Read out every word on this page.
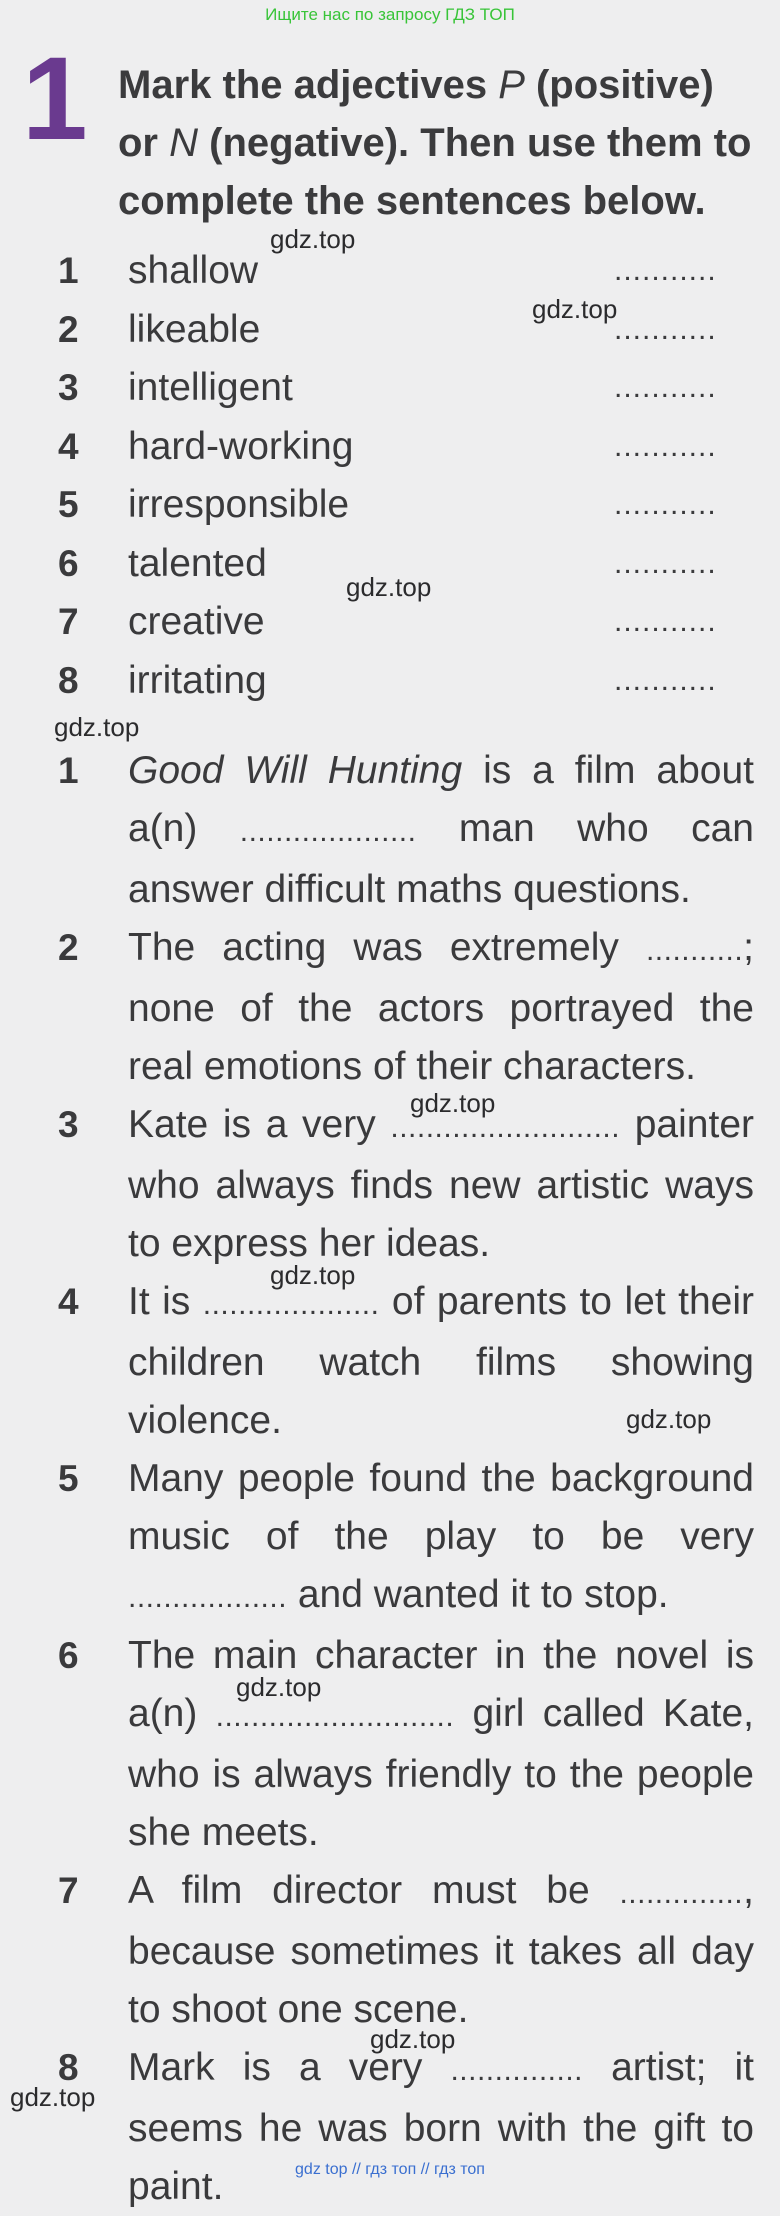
Ищите нас по запросу ГДЗ ТОП
1 Mark the adjectives P (positive) or N (negative). Then use them to complete the sentences below.
1 shallow	...........
2 likeable	...........
3 intelligent	...........
4 hard-working	...........
5 irresponsible	...........
6 talented	...........
7 creative	...........
8 irritating	...........
1 Good Will Hunting is a film about a(n) .................... man who can answer difficult maths questions.
2 The acting was extremely ...........; none of the actors portrayed the real emotions of their characters.
3 Kate is a very .......................... painter who always finds new artistic ways to express her ideas.
4 It is .................... of parents to let their children watch films showing violence.
5 Many people found the background music of the play to be very .................. and wanted it to stop.
6 The main character in the novel is a(n) ........................... girl called Kate, who is always friendly to the people she meets.
7 A film director must be .............., because sometimes it takes all day to shoot one scene.
8 Mark is a very ............... artist; it seems he was born with the gift to paint.
gdz.top
gdz.top
gdz.top
gdz.top
gdz.top
gdz.top
gdz.top
gdz.top
gdz.top
gdz.top
gdz top // гдз топ // гдз топ
